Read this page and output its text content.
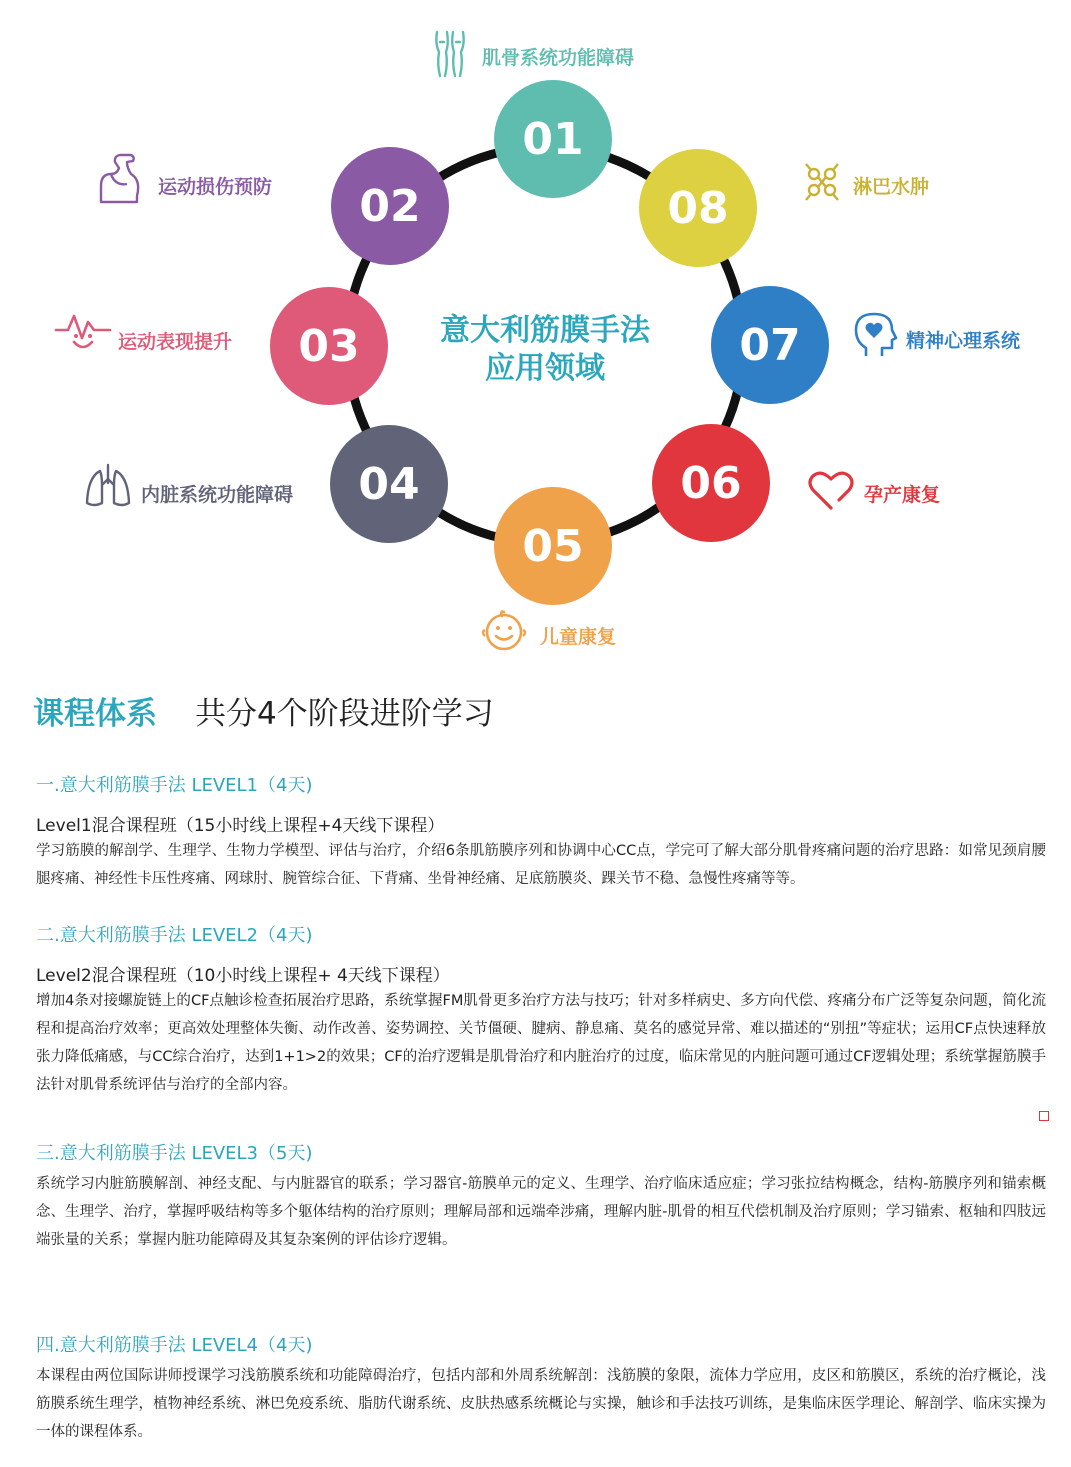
意大利筋膜手法
应用领域
01
02
03
04
05
06
07
08
肌骨系统功能障碍
运动损伤预防
运动表现提升
内脏系统功能障碍
儿童康复
孕产康复
精神心理系统
淋巴水肿
课程体系 共分4个阶段进阶学习
一.意大利筋膜手法 LEVEL1（4天)
Level1混合课程班（15小时线上课程+4天线下课程）
学习筋膜的解剖学、生理学、生物力学模型、评估与治疗，介绍6条肌筋膜序列和协调中心CC点，学完可了解大部分肌骨疼痛问题的治疗思路：如常见颈肩腰腿疼痛、神经性卡压性疼痛、网球肘、腕管综合征、下背痛、坐骨神经痛、足底筋膜炎、踝关节不稳、急慢性疼痛等等。
二.意大利筋膜手法 LEVEL2（4天)
Level2混合课程班（10小时线上课程+ 4天线下课程）
增加4条对接螺旋链上的CF点触诊检查拓展治疗思路，系统掌握FM肌骨更多治疗方法与技巧；针对多样病史、多方向代偿、疼痛分布广泛等复杂问题，简化流程和提高治疗效率；更高效处理整体失衡、动作改善、姿势调控、关节僵硬、腱病、静息痛、莫名的感觉异常、难以描述的“别扭”等症状；运用CF点快速释放张力降低痛感，与CC综合治疗，达到1+1>2的效果；CF的治疗逻辑是肌骨治疗和内脏治疗的过度，临床常见的内脏问题可通过CF逻辑处理；系统掌握筋膜手法针对肌骨系统评估与治疗的全部内容。
三.意大利筋膜手法 LEVEL3（5天)
系统学习内脏筋膜解剖、神经支配、与内脏器官的联系；学习器官-筋膜单元的定义、生理学、治疗临床适应症；学习张拉结构概念，结构-筋膜序列和锚索概念、生理学、治疗，掌握呼吸结构等多个躯体结构的治疗原则；理解局部和远端牵涉痛，理解内脏-肌骨的相互代偿机制及治疗原则；学习锚索、枢轴和四肢远端张量的关系；掌握内脏功能障碍及其复杂案例的评估诊疗逻辑。
四.意大利筋膜手法 LEVEL4（4天)
本课程由两位国际讲师授课学习浅筋膜系统和功能障碍治疗，包括内部和外周系统解剖：浅筋膜的象限，流体力学应用，皮区和筋膜区，系统的治疗概论，浅筋膜系统生理学，植物神经系统、淋巴免疫系统、脂肪代谢系统、皮肤热感系统概论与实操，触诊和手法技巧训练，是集临床医学理论、解剖学、临床实操为一体的课程体系。
